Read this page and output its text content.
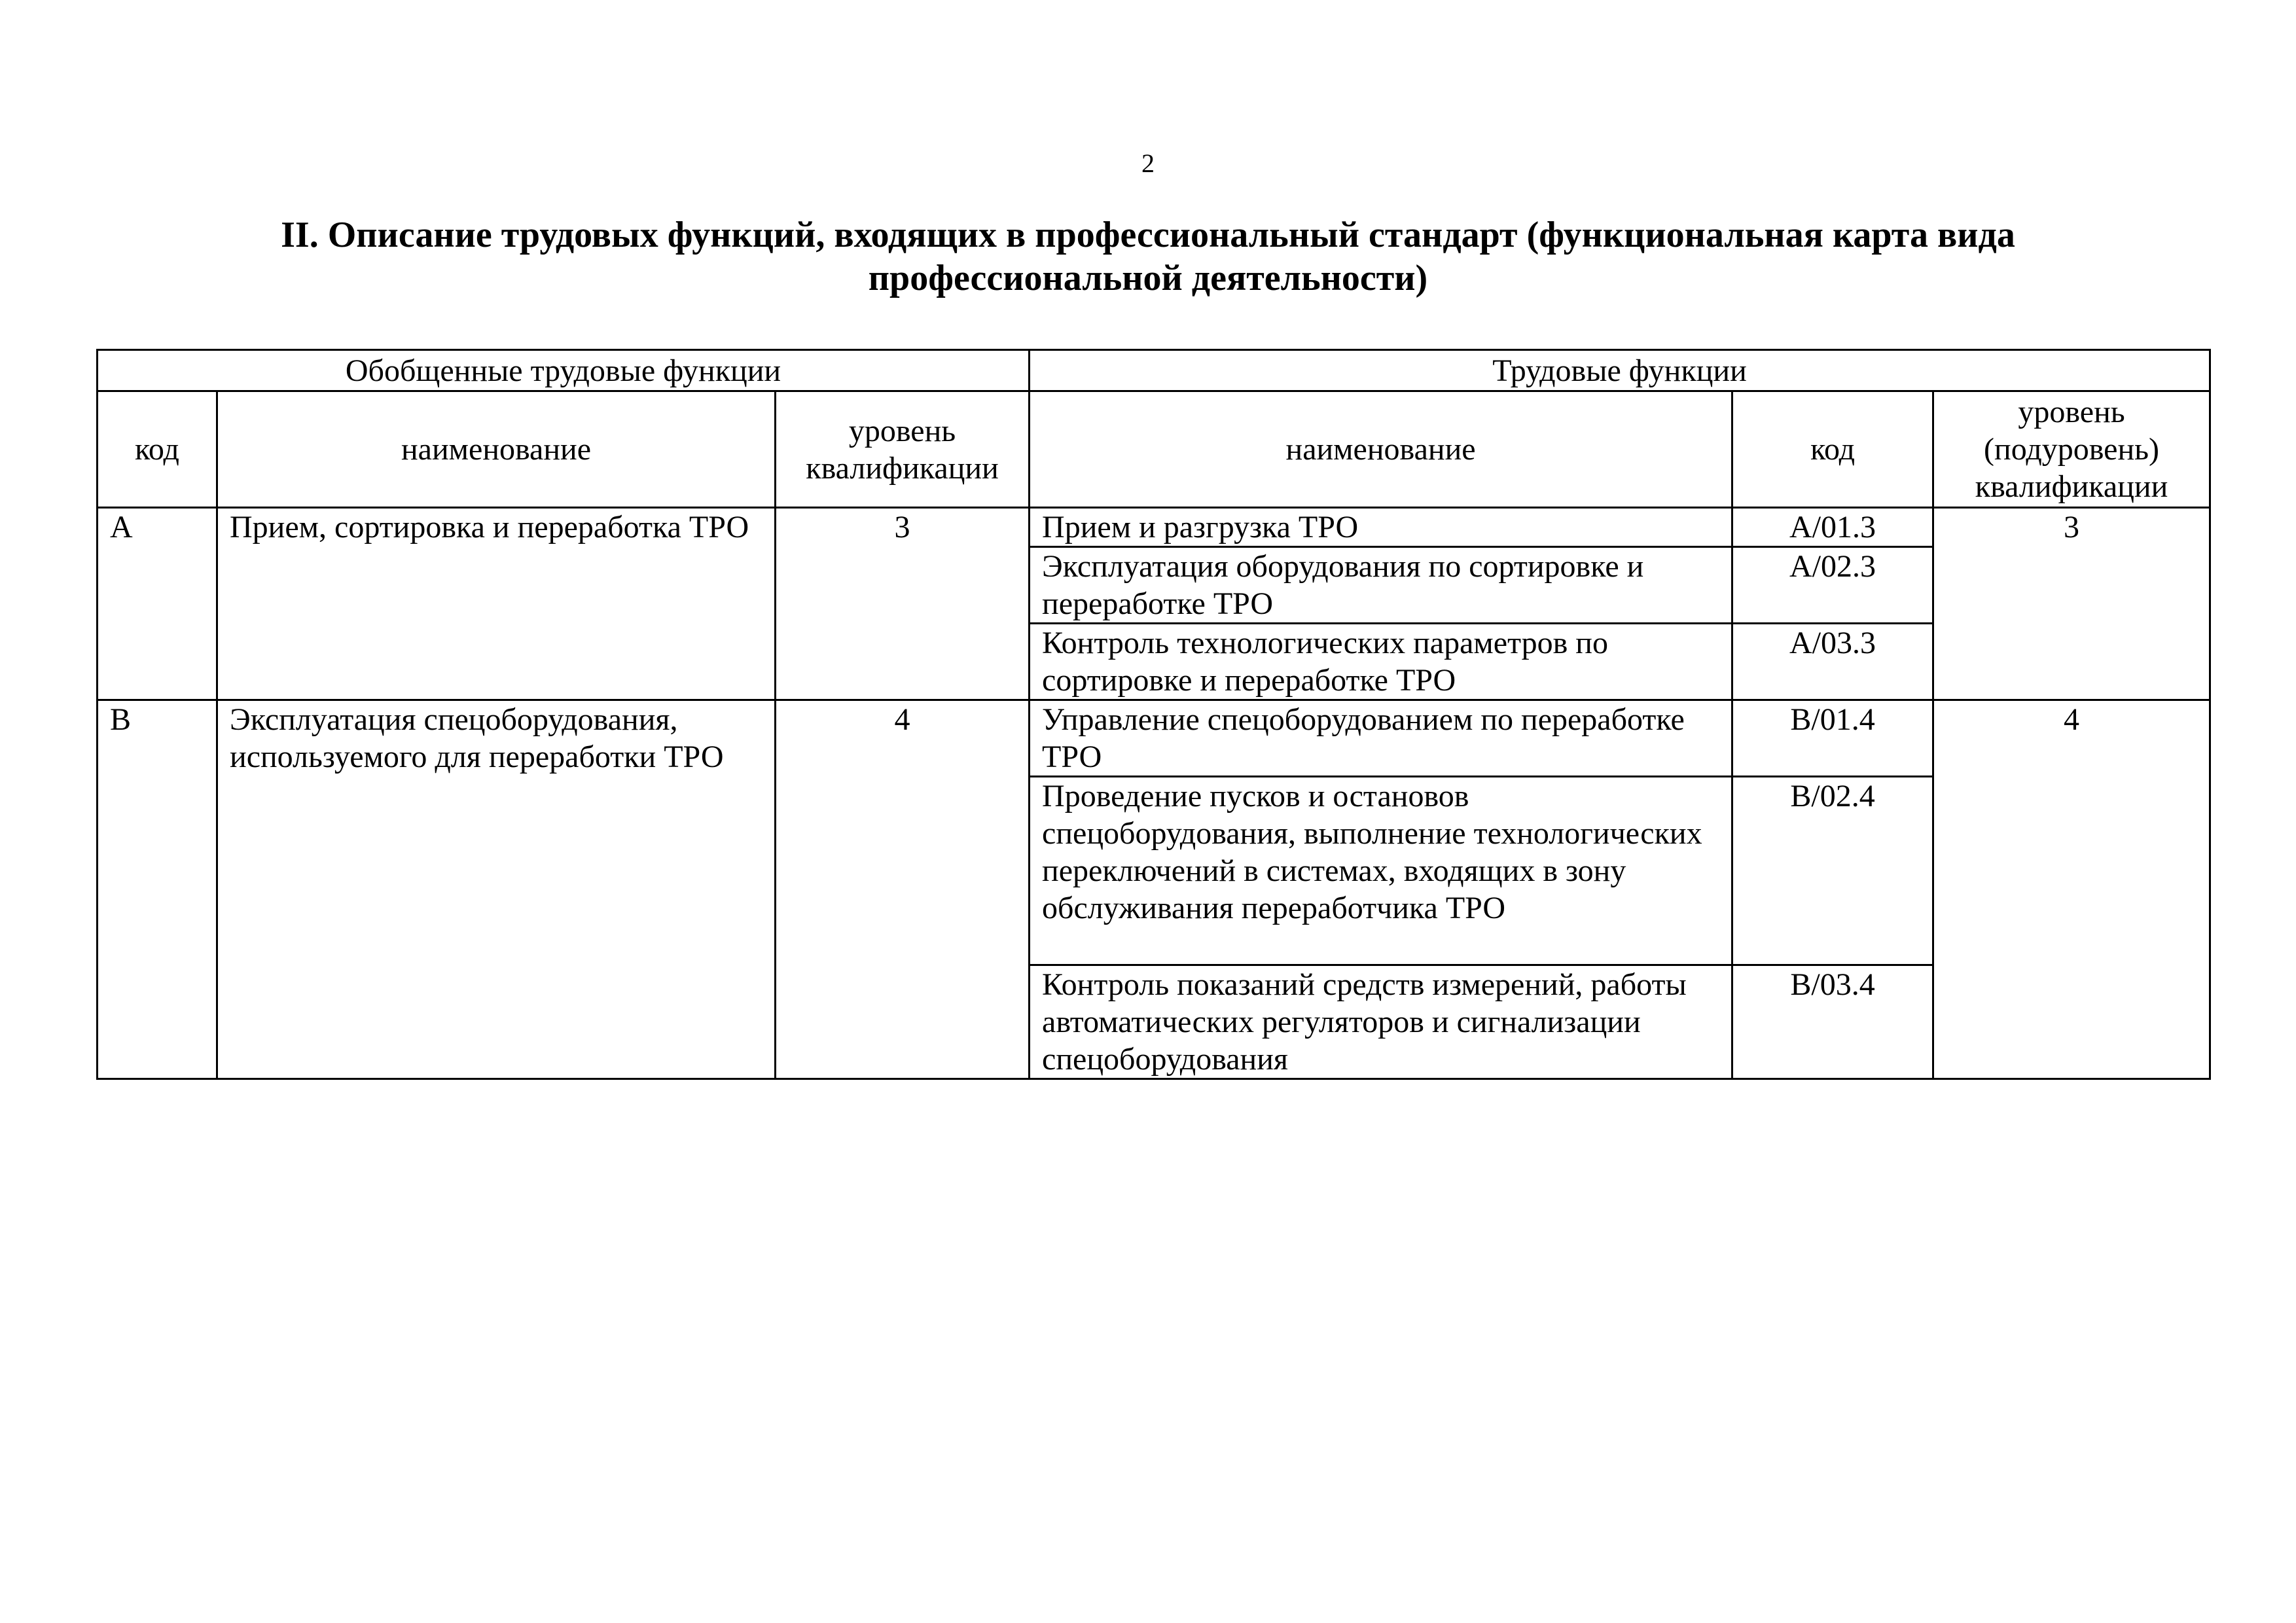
2
II. Описание трудовых функций, входящих в профессиональный стандарт (функциональная карта вида профессиональной деятельности)
Обобщенные трудовые функции			Трудовые функции		
код	наименование	уровень квалификации	наименование	код	уровень (подуровень) квалификации
A	Прием, сортировка и переработка ТРО	3	Прием и разгрузка ТРО	A/01.3	3
			Эксплуатация оборудования по сортировке и переработке ТРО	A/02.3	
			Контроль технологических параметров по сортировке и переработке ТРО	A/03.3	
B	Эксплуатация спецоборудования, используемого для переработки ТРО	4	Управление спецоборудованием по переработке ТРО	B/01.4	4
			Проведение пусков и остановов спецоборудования, выполнение технологических переключений в системах, входящих в зону обслуживания переработчика ТРО	B/02.4	
			Контроль показаний средств измерений, работы автоматических регуляторов и сигнализации спецоборудования	B/03.4	
